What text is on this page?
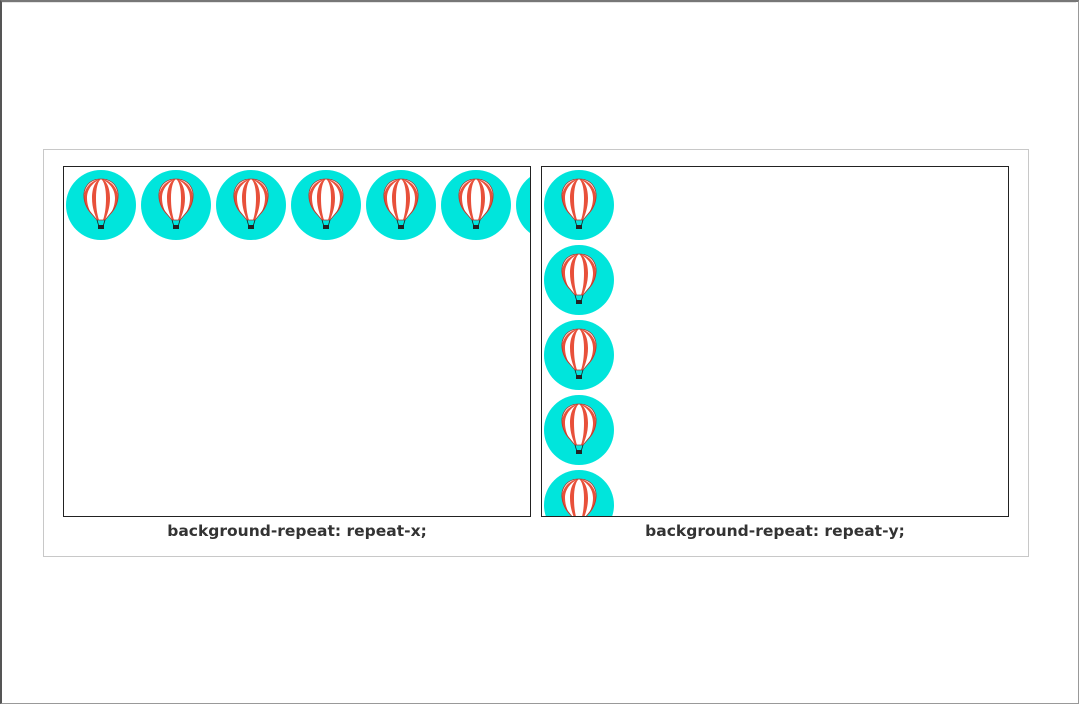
background-repeat: repeat-x;	background-repeat: repeat-y;
